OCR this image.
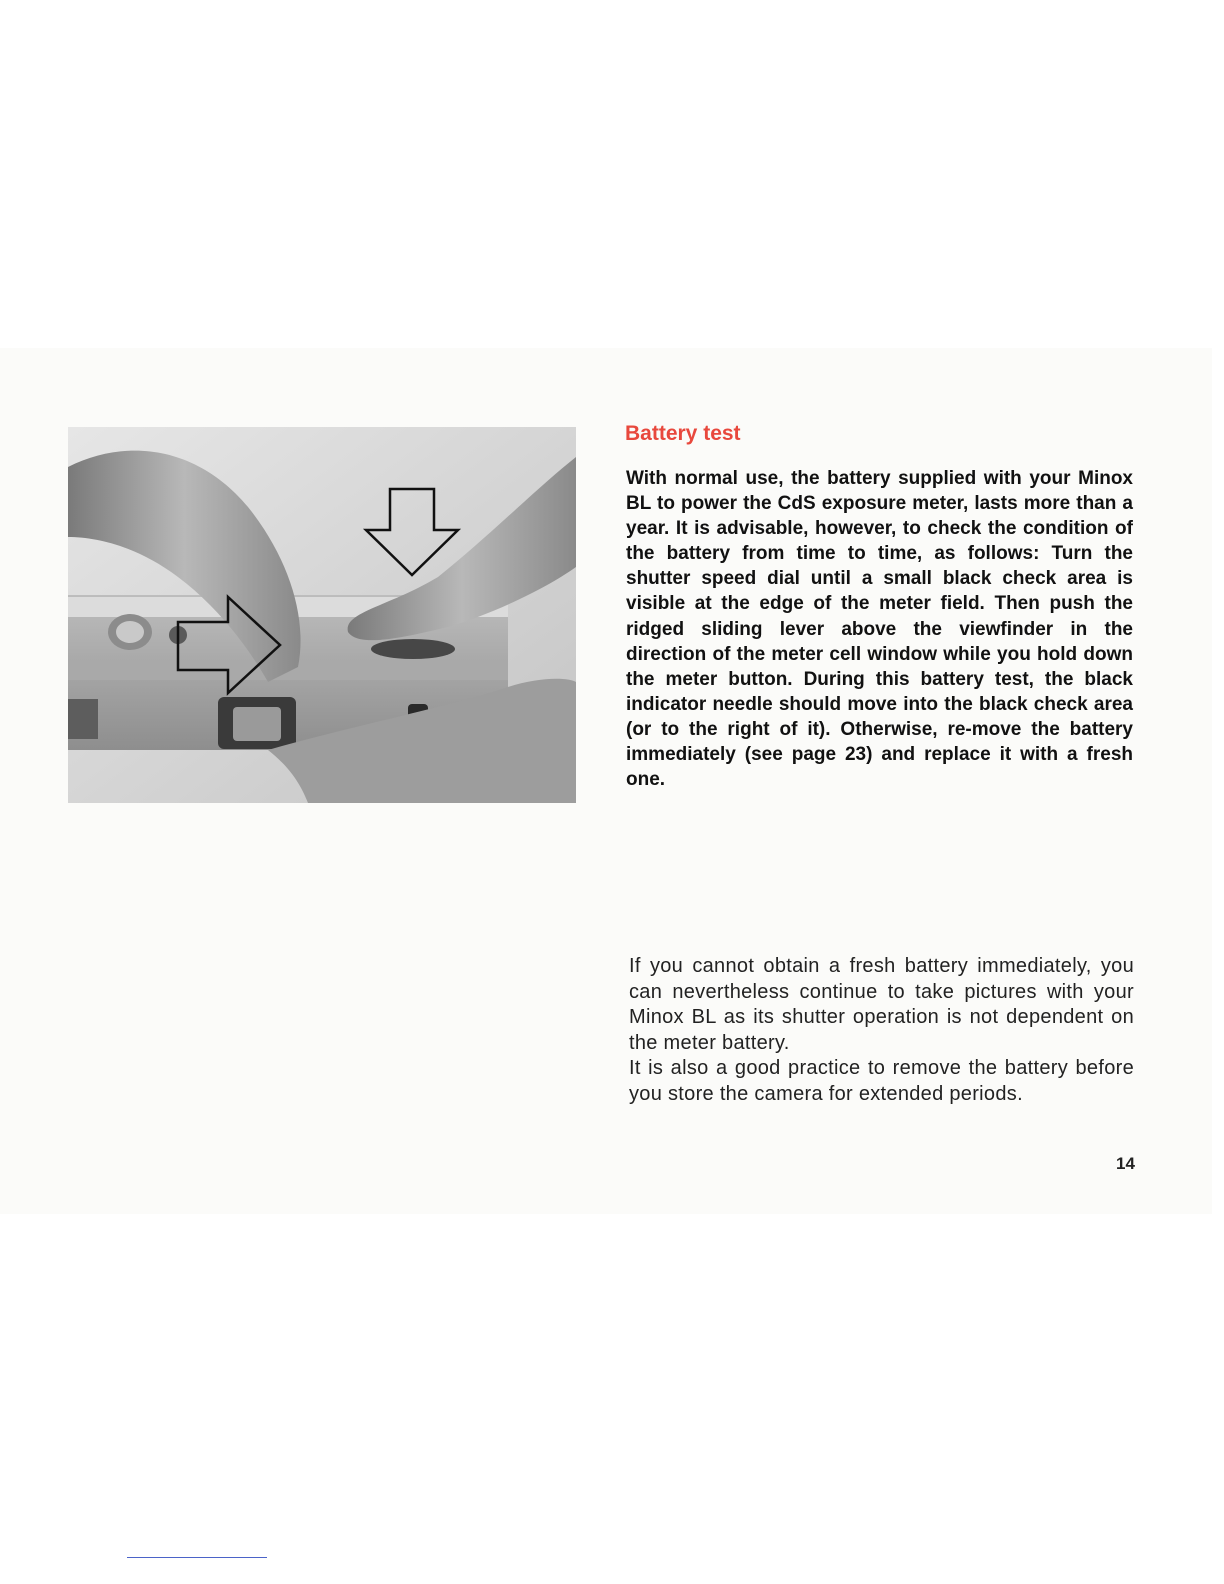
Battery test

With normal use, the battery supplied with your Minox BL to power the CdS exposure meter, lasts more than a year. It is advisable, however, to check the condition of the battery from time to time, as follows: Turn the shutter speed dial until a small black check area is visible at the edge of the meter field. Then push the ridged sliding lever above the viewfinder in the direction of the meter cell window while you hold down the meter button. During this battery test, the black indicator needle should move into the black check area (or to the right of it). Otherwise, re-move the battery immediately (see page 23) and replace it with a fresh one.

If you cannot obtain a fresh battery immediately, you can nevertheless continue to take pictures with your Minox BL as its shutter operation is not dependent on the meter battery.

It is also a good practice to remove the battery before you store the camera for extended periods.

14
